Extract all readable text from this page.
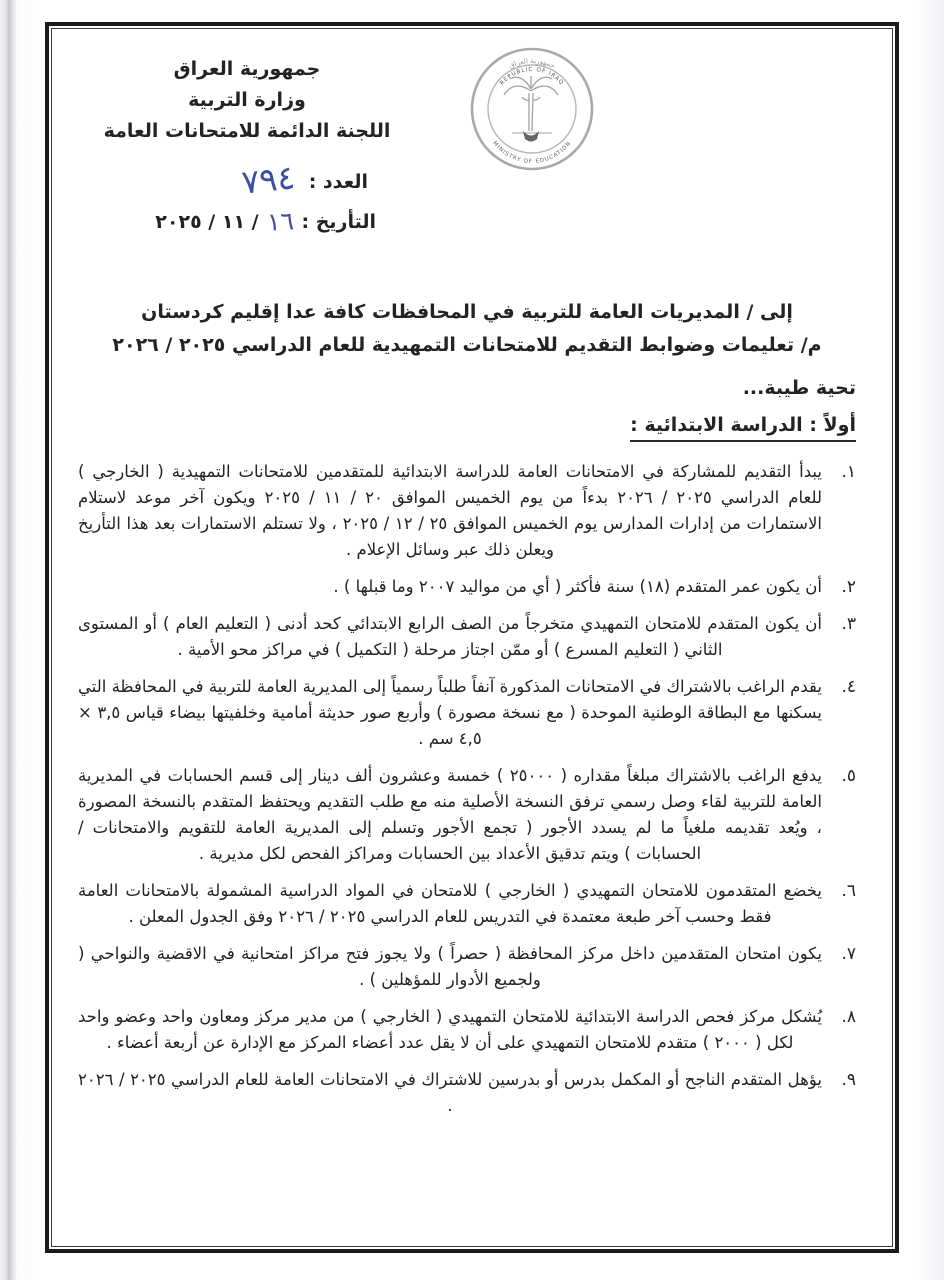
جمهورية العراق
وزارة التربية
اللجنة الدائمة للامتحانات العامة
العدد :
٧٩٤
التأريخ :
١٦
/ ١١ / ٢٠٢٥
جمهورية العراق
REPUBLIC OF IRAQ
MINISTRY OF EDUCATION
إلى / المديريات العامة للتربية في المحافظات كافة عدا إقليم كردستان
م/ تعليمات وضوابط التقديم للامتحانات التمهيدية للعام الدراسي ٢٠٢٥ / ٢٠٢٦
تحية طيبة...
أولاً : الدراسة الابتدائية :
١.
يبدأ التقديم للمشاركة في الامتحانات العامة للدراسة الابتدائية للمتقدمين للامتحانات التمهيدية ( الخارجي ) للعام الدراسي ٢٠٢٥ / ٢٠٢٦ بدءاً من يوم الخميس الموافق ٢٠ / ١١ / ٢٠٢٥ ويكون آخر موعد لاستلام الاستمارات من إدارات المدارس يوم الخميس الموافق ٢٥ / ١٢ / ٢٠٢٥ ، ولا تستلم الاستمارات بعد هذا التأريخ ويعلن ذلك عبر وسائل الإعلام .
٢.
أن يكون عمر المتقدم (١٨) سنة فأكثر ( أي من مواليد ٢٠٠٧ وما قبلها ) .
٣.
أن يكون المتقدم للامتحان التمهيدي متخرجاً من الصف الرابع الابتدائي كحد أدنى ( التعليم العام ) أو المستوى الثاني ( التعليم المسرع ) أو ممّن اجتاز مرحلة ( التكميل ) في مراكز محو الأمية .
٤.
يقدم الراغب بالاشتراك في الامتحانات المذكورة آنفاً طلباً رسمياً إلى المديرية العامة للتربية في المحافظة التي يسكنها مع البطاقة الوطنية الموحدة ( مع نسخة مصورة ) وأربع صور حديثة أمامية وخلفيتها بيضاء قياس ٣,٥ × ٤,٥ سم .
٥.
يدفع الراغب بالاشتراك مبلغاً مقداره ( ٢٥٠٠٠ ) خمسة وعشرون ألف دينار إلى قسم الحسابات في المديرية العامة للتربية لقاء وصل رسمي ترفق النسخة الأصلية منه مع طلب التقديم ويحتفظ المتقدم بالنسخة المصورة ، ويُعد تقديمه ملغياً ما لم يسدد الأجور ( تجمع الأجور وتسلم إلى المديرية العامة للتقويم والامتحانات / الحسابات ) ويتم تدقيق الأعداد بين الحسابات ومراكز الفحص لكل مديرية .
٦.
يخضع المتقدمون للامتحان التمهيدي ( الخارجي ) للامتحان في المواد الدراسية المشمولة بالامتحانات العامة فقط وحسب آخر طبعة معتمدة في التدريس للعام الدراسي ٢٠٢٥ / ٢٠٢٦ وفق الجدول المعلن .
٧.
يكون امتحان المتقدمين داخل مركز المحافظة ( حصراً ) ولا يجوز فتح مراكز امتحانية في الاقضية والنواحي ( ولجميع الأدوار للمؤهلين ) .
٨.
يُشكل مركز فحص الدراسة الابتدائية للامتحان التمهيدي ( الخارجي ) من مدير مركز ومعاون واحد وعضو واحد لكل ( ٢٠٠٠ ) متقدم للامتحان التمهيدي على أن لا يقل عدد أعضاء المركز مع الإدارة عن أربعة أعضاء .
٩.
يؤهل المتقدم الناجح أو المكمل بدرس أو بدرسين للاشتراك في الامتحانات العامة للعام الدراسي ٢٠٢٥ / ٢٠٢٦ .
